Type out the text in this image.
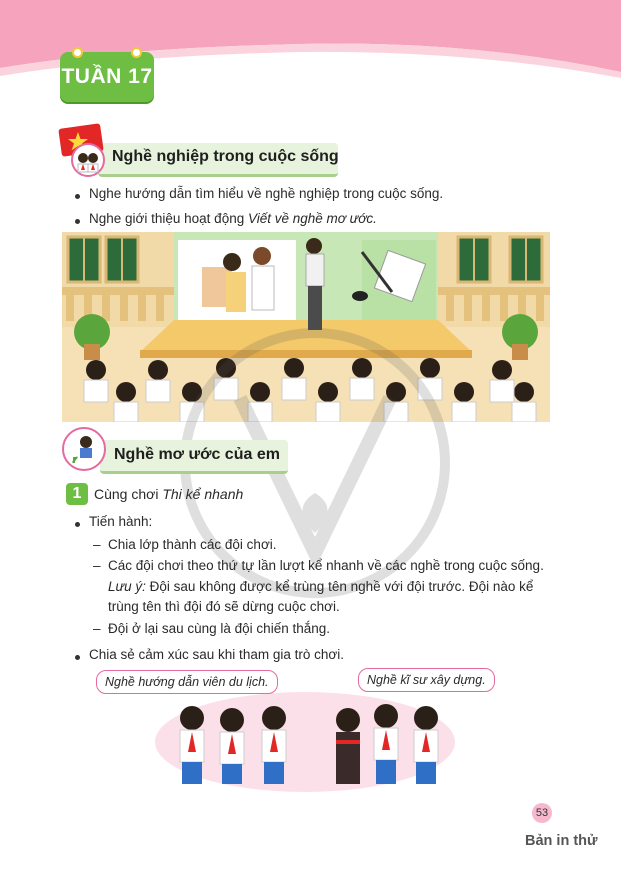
TUẦN 17
Nghề nghiệp trong cuộc sống
Nghe hướng dẫn tìm hiểu về nghề nghiệp trong cuộc sống.
Nghe giới thiệu hoạt động Viết về nghề mơ ước.
Nghề mơ ước của em
1 Cùng chơi Thi kể nhanh
Tiến hành:
– Chia lớp thành các đội chơi.
– Các đội chơi theo thứ tự lần lượt kể nhanh về các nghề trong cuộc sống.
Lưu ý: Đội sau không được kể trùng tên nghề với đội trước. Đội nào kể
trùng tên thì đội đó sẽ dừng cuộc chơi.
– Đội ở lại sau cùng là đội chiến thắng.
Chia sẻ cảm xúc sau khi tham gia trò chơi.
Nghề hướng dẫn viên du lịch.	Nghề kĩ sư xây dựng.
53
Bản in thử
